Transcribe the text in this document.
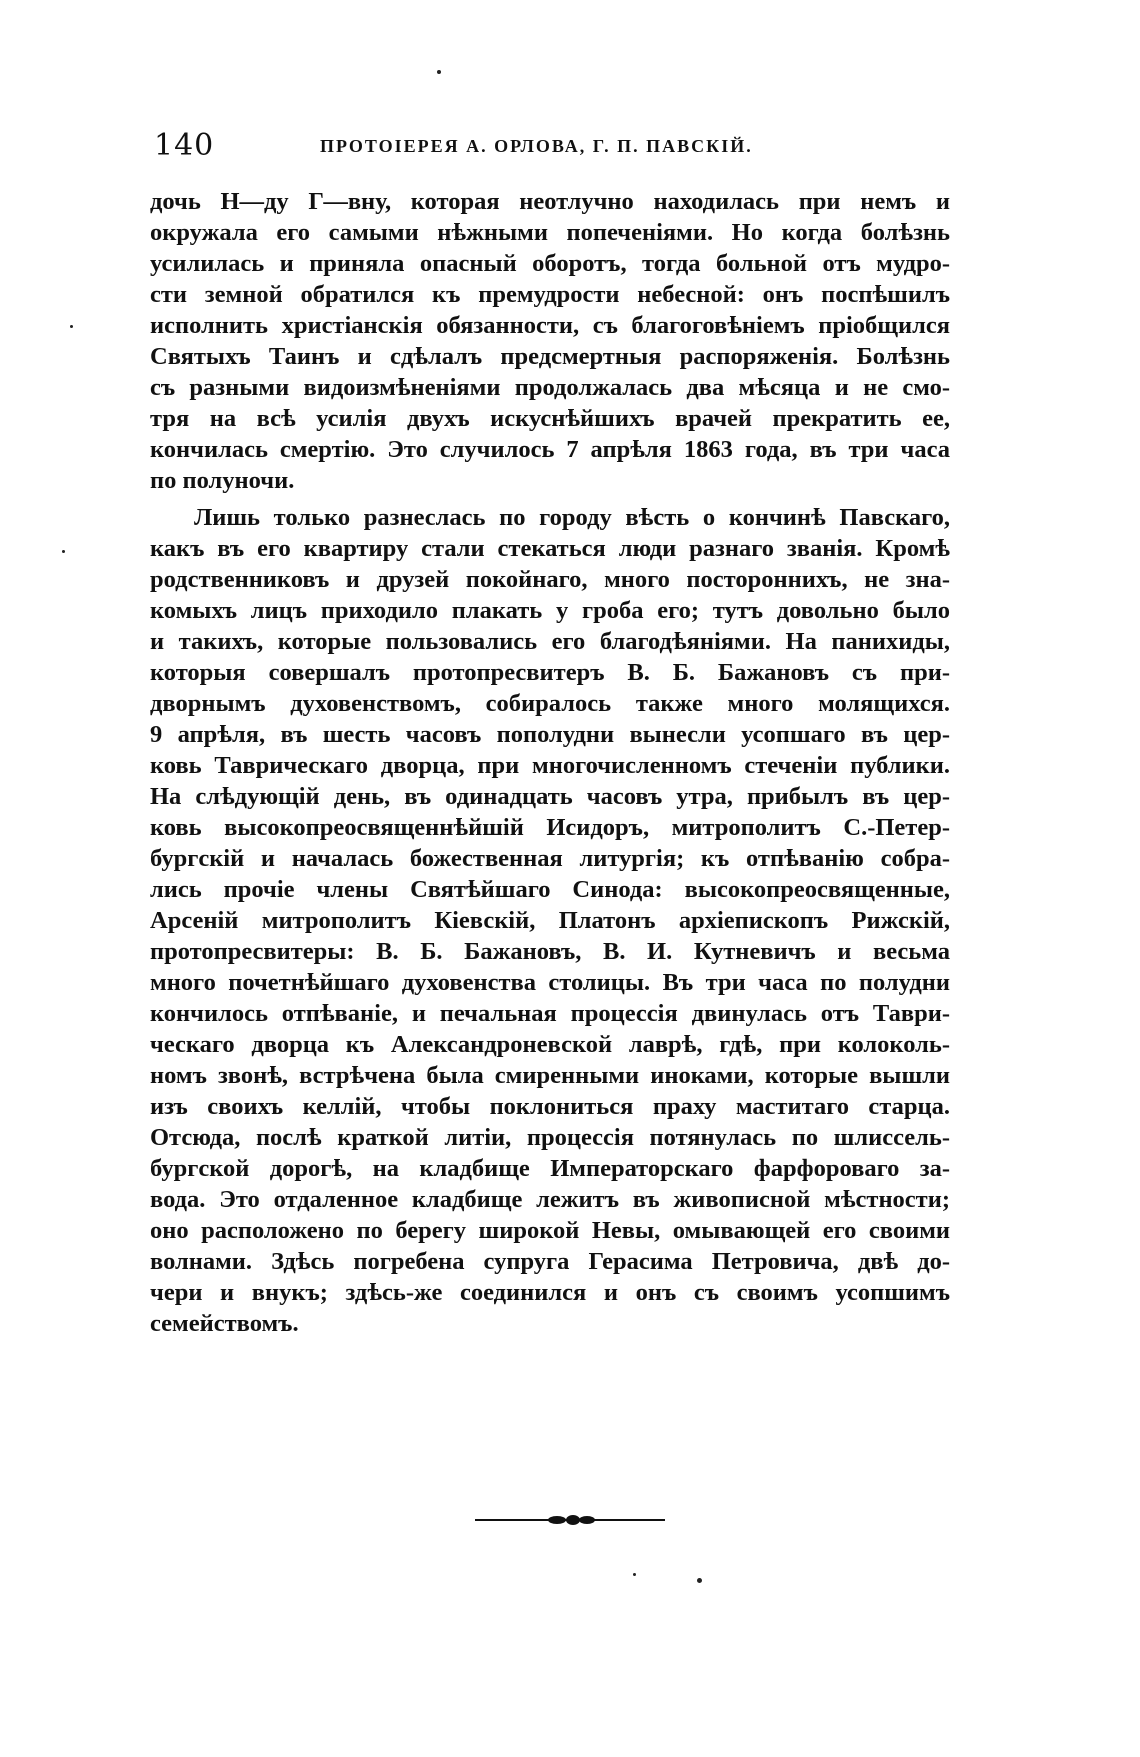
140	ПРОТОІЕРЕЯ А. ОРЛОВА, Г. П. ПАВСКІЙ.
дочь Н—ду Г—вну, которая неотлучно находилась при немъ и
окружала его самыми нѣжными попеченіями. Но когда болѣзнь
усилилась и приняла опасный оборотъ, тогда больной отъ мудро-
сти земной обратился къ премудрости небесной: онъ поспѣшилъ
исполнить христіанскія обязанности, съ благоговѣніемъ пріобщился
Святыхъ Таинъ и сдѣлалъ предсмертныя распоряженія. Болѣзнь
съ разными видоизмѣненіями продолжалась два мѣсяца и не смо-
тря на всѣ усилія двухъ искуснѣйшихъ врачей прекратить ее,
кончилась смертію. Это случилось 7 апрѣля 1863 года, въ три часа
по полуночи.
Лишь только разнеслась по городу вѣсть о кончинѣ Павскаго,
какъ въ его квартиру стали стекаться люди разнаго званія. Кромѣ
родственниковъ и друзей покойнаго, много постороннихъ, не зна-
комыхъ лицъ приходило плакать у гроба его; тутъ довольно было
и такихъ, которые пользовались его благодѣяніями. На панихиды,
которыя совершалъ протопресвитеръ В. Б. Бажановъ съ при-
дворнымъ духовенствомъ, собиралось также много молящихся.
9 апрѣля, въ шесть часовъ пополудни вынесли усопшаго въ цер-
ковь Таврическаго дворца, при многочисленномъ стеченіи публики.
На слѣдующій день, въ одинадцать часовъ утра, прибылъ въ цер-
ковь высокопреосвященнѣйшій Исидоръ, митрополитъ С.-Петер-
бургскій и началась божественная литургія; къ отпѣванію собра-
лись прочіе члены Святѣйшаго Синода: высокопреосвященные,
Арсеній митрополитъ Кіевскій, Платонъ архіепископъ Рижскій,
протопресвитеры: В. Б. Бажановъ, В. И. Кутневичъ и весьма
много почетнѣйшаго духовенства столицы. Въ три часа по полудни
кончилось отпѣваніе, и печальная процессія двинулась отъ Таври-
ческаго дворца къ Александроневской лаврѣ, гдѣ, при колоколь-
номъ звонѣ, встрѣчена была смиренными иноками, которые вышли
изъ своихъ келлій, чтобы поклониться праху маститаго старца.
Отсюда, послѣ краткой литіи, процессія потянулась по шлиссель-
бургской дорогѣ, на кладбище Императорскаго фарфороваго за-
вода. Это отдаленное кладбище лежитъ въ живописной мѣстности;
оно расположено по берегу широкой Невы, омывающей его своими
волнами. Здѣсь погребена супруга Герасима Петровича, двѣ до-
чери и внукъ; здѣсь-же соединился и онъ съ своимъ усопшимъ
семействомъ.
